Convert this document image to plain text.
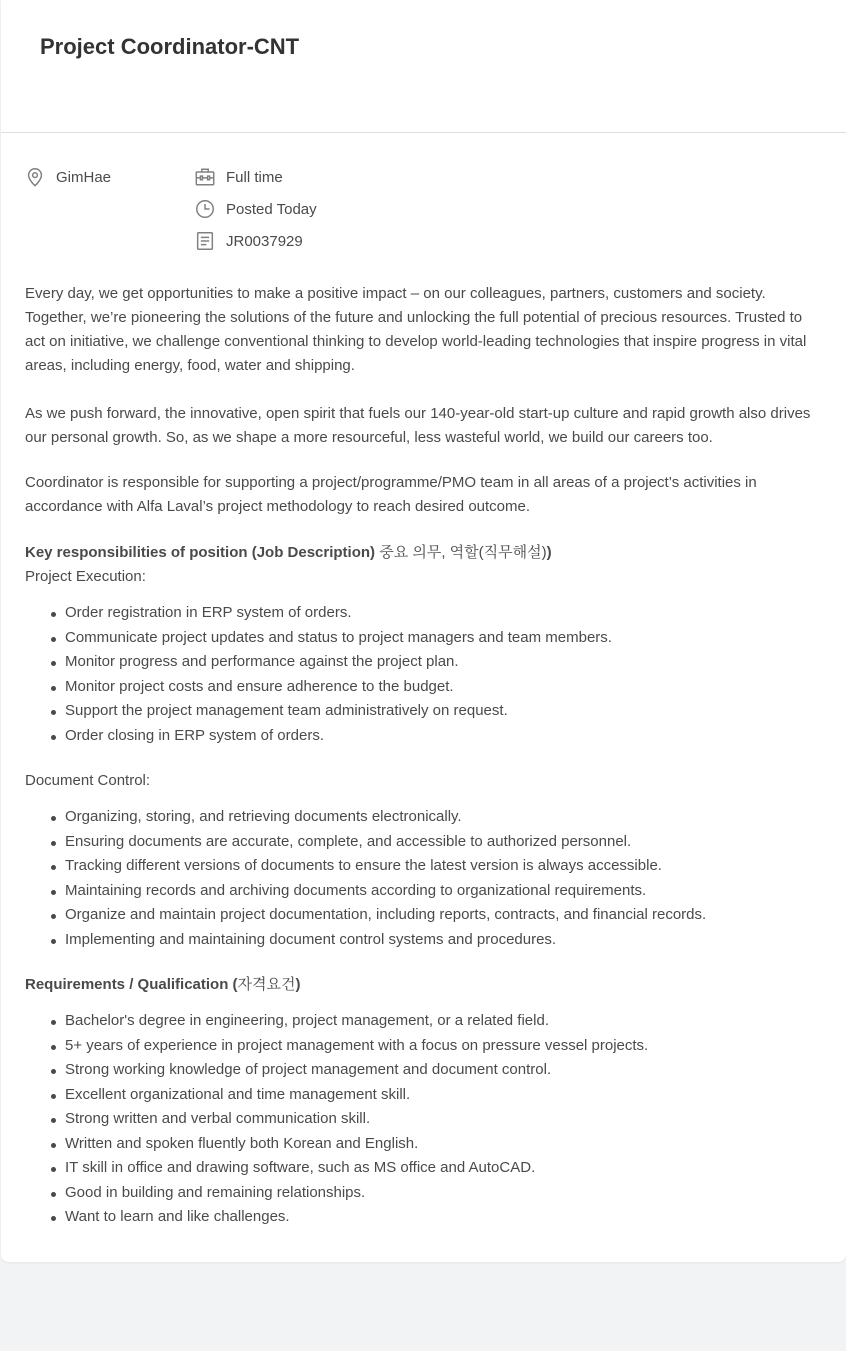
Project Coordinator-CNT
GimHae	Full time
Posted Today
JR0037929

Every day, we get opportunities to make a positive impact – on our colleagues, partners, customers and society. Together, we’re pioneering the solutions of the future and unlocking the full potential of precious resources. Trusted to act on initiative, we challenge conventional thinking to develop world-leading technologies that inspire progress in vital areas, including energy, food, water and shipping.

As we push forward, the innovative, open spirit that fuels our 140-year-old start-up culture and rapid growth also drives our personal growth. So, as we shape a more resourceful, less wasteful world, we build our careers too.

Coordinator is responsible for supporting a project/programme/PMO team in all areas of a project’s activities in accordance with Alfa Laval’s project methodology to reach desired outcome.

Key responsibilities of position (Job Description) 중요 의무, 역할(직무해설))

Project Execution:

Order registration in ERP system of orders.
Communicate project updates and status to project managers and team members.
Monitor progress and performance against the project plan.
Monitor project costs and ensure adherence to the budget.
Support the project management team administratively on request.
Order closing in ERP system of orders.

Document Control:

Organizing, storing, and retrieving documents electronically.
Ensuring documents are accurate, complete, and accessible to authorized personnel.
Tracking different versions of documents to ensure the latest version is always accessible.
Maintaining records and archiving documents according to organizational requirements.
Organize and maintain project documentation, including reports, contracts, and financial records.
Implementing and maintaining document control systems and procedures.

Requirements / Qualification (자격요건)

Bachelor's degree in engineering, project management, or a related field.
5+ years of experience in project management with a focus on pressure vessel projects.
Strong working knowledge of project management and document control.
Excellent organizational and time management skill.
Strong written and verbal communication skill.
Written and spoken fluently both Korean and English.
IT skill in office and drawing software, such as MS office and AutoCAD.
Good in building and remaining relationships.
Want to learn and like challenges.
